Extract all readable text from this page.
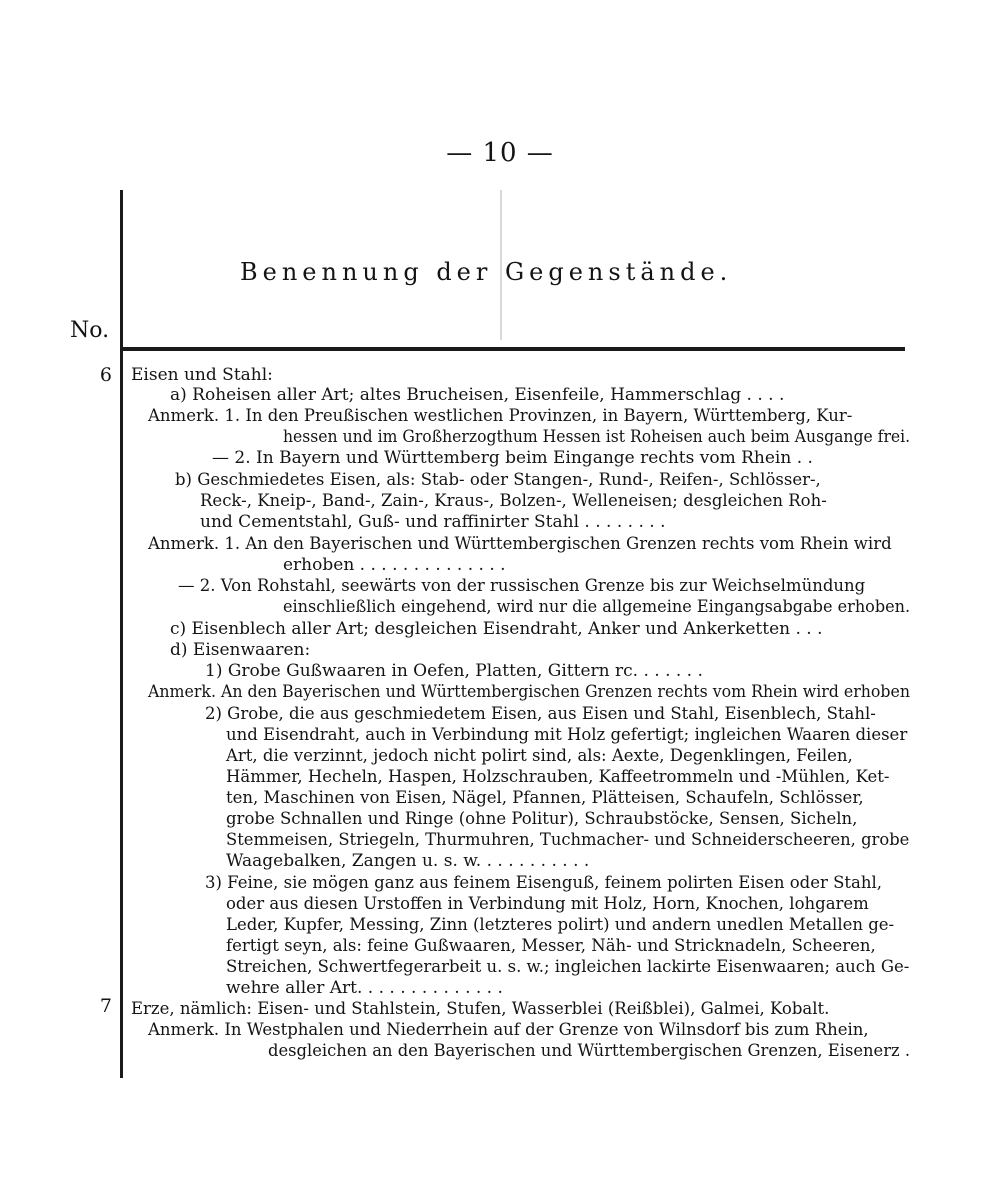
— 10 —
Benennung der Gegenstände.
No.
6
7
Eisen und Stahl:
a) Roheisen aller Art; altes Brucheisen, Eisenfeile, Hammerschlag . . . .
Anmerk. 1. In den Preußischen westlichen Provinzen, in Bayern, Württemberg, Kur-
hessen und im Großherzogthum Hessen ist Roheisen auch beim Ausgange frei.
— 2. In Bayern und Württemberg beim Eingange rechts vom Rhein . .
b) Geschmiedetes Eisen, als: Stab- oder Stangen-, Rund-, Reifen-, Schlösser-,
Reck-, Kneip-, Band-, Zain-, Kraus-, Bolzen-, Welleneisen; desgleichen Roh-
und Cementstahl, Guß- und raffinirter Stahl . . . . . . . .
Anmerk. 1. An den Bayerischen und Württembergischen Grenzen rechts vom Rhein wird
erhoben . . . . . . . . . . . . . .
— 2. Von Rohstahl, seewärts von der russischen Grenze bis zur Weichselmündung
einschließlich eingehend, wird nur die allgemeine Eingangsabgabe erhoben.
c) Eisenblech aller Art; desgleichen Eisendraht, Anker und Ankerketten . . .
d) Eisenwaaren:
1) Grobe Gußwaaren in Oefen, Platten, Gittern rc. . . . . . .
Anmerk. An den Bayerischen und Württembergischen Grenzen rechts vom Rhein wird erhoben
2) Grobe, die aus geschmiedetem Eisen, aus Eisen und Stahl, Eisenblech, Stahl-
und Eisendraht, auch in Verbindung mit Holz gefertigt; ingleichen Waaren dieser
Art, die verzinnt, jedoch nicht polirt sind, als: Aexte, Degenklingen, Feilen,
Hämmer, Hecheln, Haspen, Holzschrauben, Kaffeetrommeln und -Mühlen, Ket-
ten, Maschinen von Eisen, Nägel, Pfannen, Plätteisen, Schaufeln, Schlösser,
grobe Schnallen und Ringe (ohne Politur), Schraubstöcke, Sensen, Sicheln,
Stemmeisen, Striegeln, Thurmuhren, Tuchmacher- und Schneiderscheeren, grobe
Waagebalken, Zangen u. s. w. . . . . . . . . . .
3) Feine, sie mögen ganz aus feinem Eisenguß, feinem polirten Eisen oder Stahl,
oder aus diesen Urstoffen in Verbindung mit Holz, Horn, Knochen, lohgarem
Leder, Kupfer, Messing, Zinn (letzteres polirt) und andern unedlen Metallen ge-
fertigt seyn, als: feine Gußwaaren, Messer, Näh- und Stricknadeln, Scheeren,
Streichen, Schwertfegerarbeit u. s. w.; ingleichen lackirte Eisenwaaren; auch Ge-
wehre aller Art. . . . . . . . . . . . . .
Erze, nämlich: Eisen- und Stahlstein, Stufen, Wasserblei (Reißblei), Galmei, Kobalt.
Anmerk. In Westphalen und Niederrhein auf der Grenze von Wilnsdorf bis zum Rhein,
desgleichen an den Bayerischen und Württembergischen Grenzen, Eisenerz .
